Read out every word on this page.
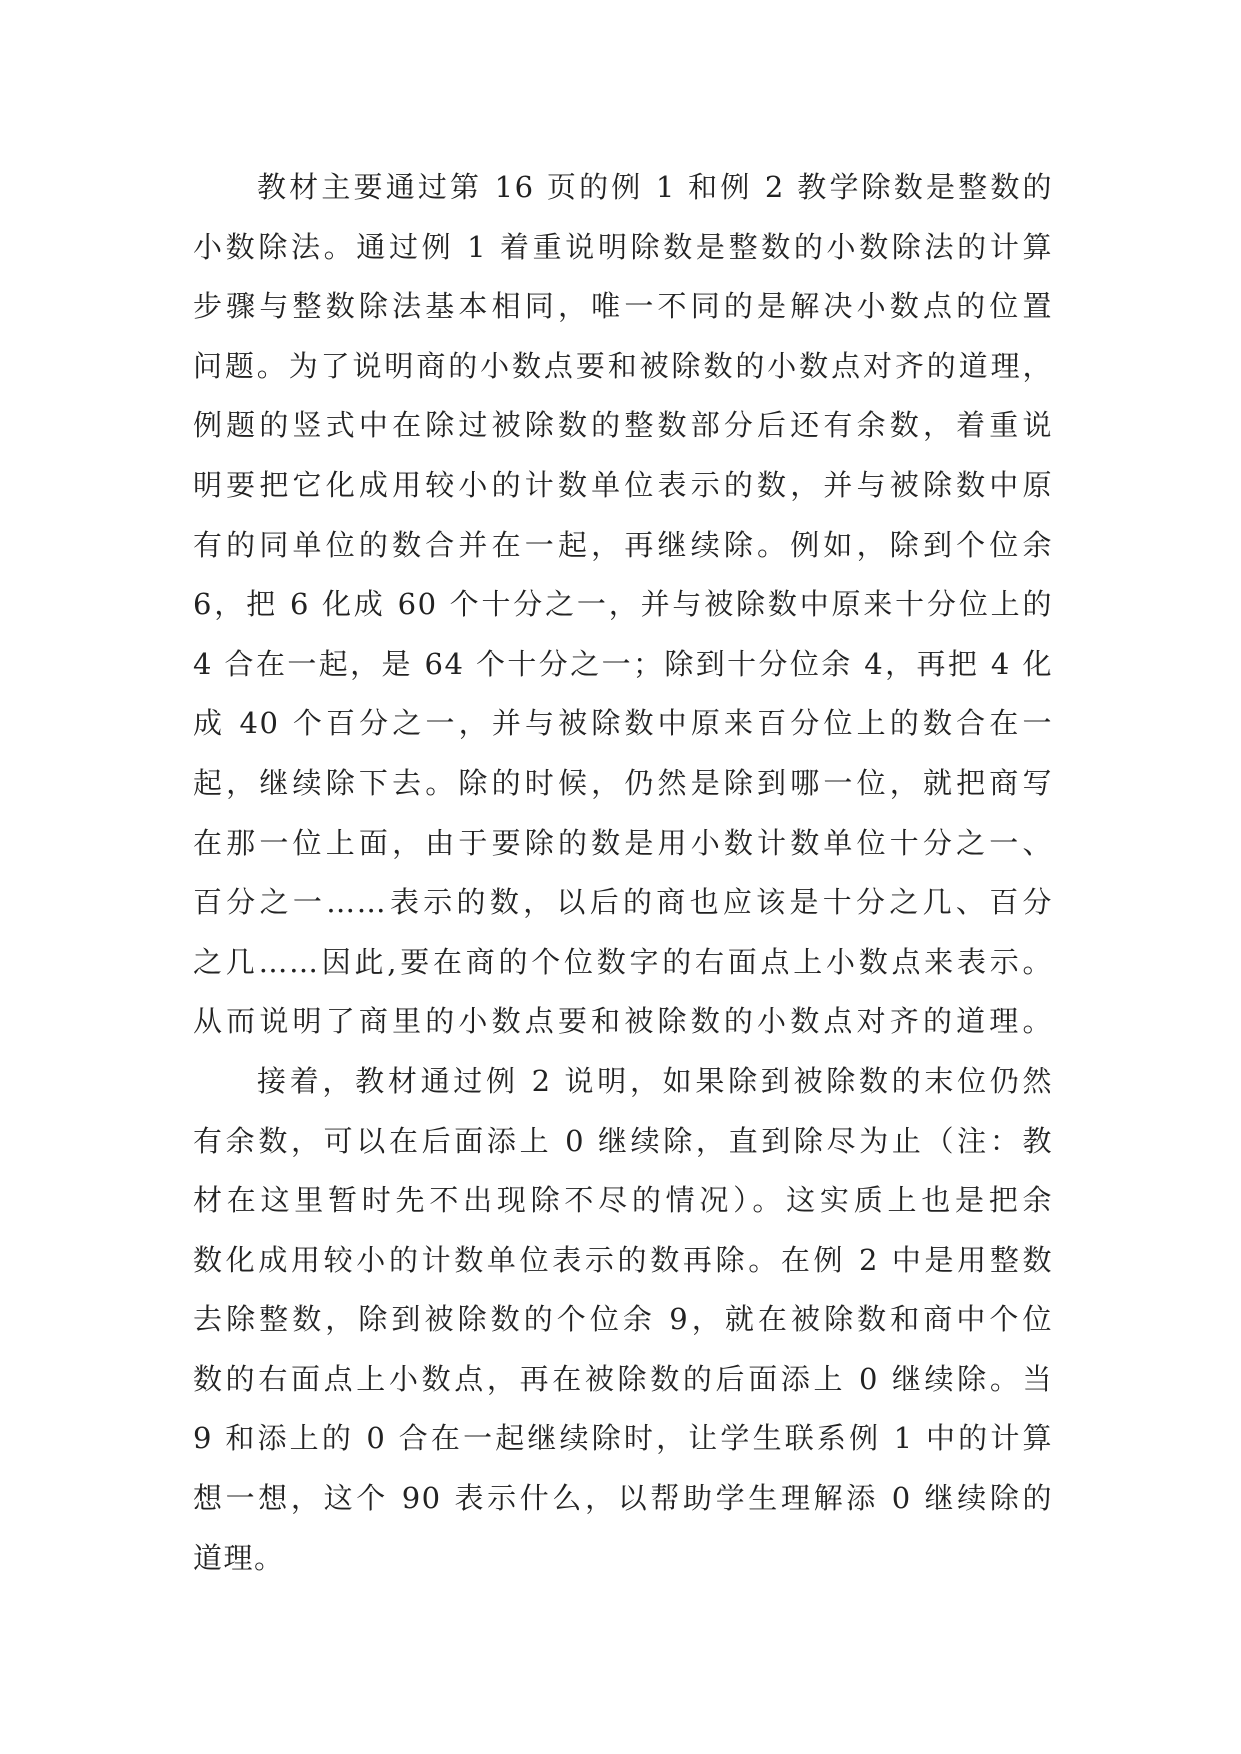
教材主要通过第 16 页的例 1 和例 2 教学除数是整数的
小数除法。通过例 1 着重说明除数是整数的小数除法的计算
步骤与整数除法基本相同，唯一不同的是解决小数点的位置
问题。为了说明商的小数点要和被除数的小数点对齐的道理，
例题的竖式中在除过被除数的整数部分后还有余数，着重说
明要把它化成用较小的计数单位表示的数，并与被除数中原
有的同单位的数合并在一起，再继续除。例如，除到个位余
6，把 6 化成 60 个十分之一，并与被除数中原来十分位上的
4 合在一起，是 64 个十分之一；除到十分位余 4，再把 4 化
成 40 个百分之一，并与被除数中原来百分位上的数合在一
起，继续除下去。除的时候，仍然是除到哪一位，就把商写
在那一位上面，由于要除的数是用小数计数单位十分之一、
百分之一……表示的数，以后的商也应该是十分之几、百分
之几……因此,要在商的个位数字的右面点上小数点来表示。
从而说明了商里的小数点要和被除数的小数点对齐的道理。
接着，教材通过例 2 说明，如果除到被除数的末位仍然
有余数，可以在后面添上 0 继续除，直到除尽为止（注：教
材在这里暂时先不出现除不尽的情况）。这实质上也是把余
数化成用较小的计数单位表示的数再除。在例 2 中是用整数
去除整数，除到被除数的个位余 9，就在被除数和商中个位
数的右面点上小数点，再在被除数的后面添上 0 继续除。当
9 和添上的 0 合在一起继续除时，让学生联系例 1 中的计算
想一想，这个 90 表示什么，以帮助学生理解添 0 继续除的
道理。
